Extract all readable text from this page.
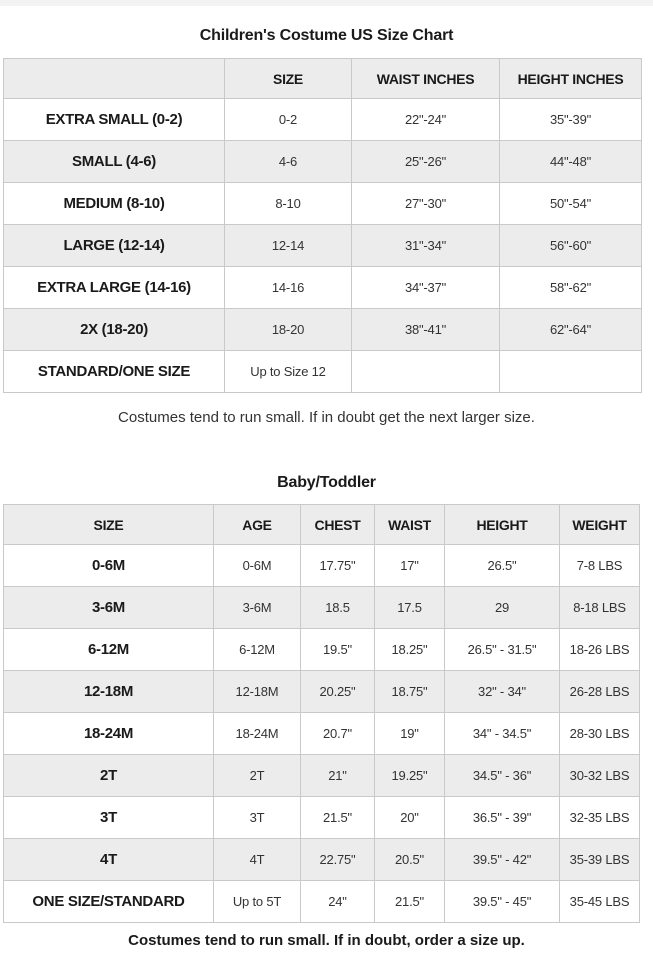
Children's Costume US Size Chart
	SIZE	WAIST INCHES	HEIGHT INCHES
EXTRA SMALL (0-2)	0-2	22"-24"	35"-39"
SMALL (4-6)	4-6	25"-26"	44"-48"
MEDIUM (8-10)	8-10	27"-30"	50"-54"
LARGE (12-14)	12-14	31"-34"	56"-60"
EXTRA LARGE (14-16)	14-16	34"-37"	58"-62"
2X (18-20)	18-20	38"-41"	62"-64"
STANDARD/ONE SIZE	Up to Size 12		
Costumes tend to run small. If in doubt get the next larger size.
Baby/Toddler
SIZE	AGE	CHEST	WAIST	HEIGHT	WEIGHT
0-6M	0-6M	17.75"	17"	26.5"	7-8 LBS
3-6M	3-6M	18.5	17.5	29	8-18 LBS
6-12M	6-12M	19.5"	18.25"	26.5" - 31.5"	18-26 LBS
12-18M	12-18M	20.25"	18.75"	32" - 34"	26-28 LBS
18-24M	18-24M	20.7"	19"	34" - 34.5"	28-30 LBS
2T	2T	21"	19.25"	34.5" - 36"	30-32 LBS
3T	3T	21.5"	20"	36.5" - 39"	32-35 LBS
4T	4T	22.75"	20.5"	39.5" - 42"	35-39 LBS
ONE SIZE/STANDARD	Up to 5T	24"	21.5"	39.5" - 45"	35-45 LBS
Costumes tend to run small. If in doubt, order a size up.
